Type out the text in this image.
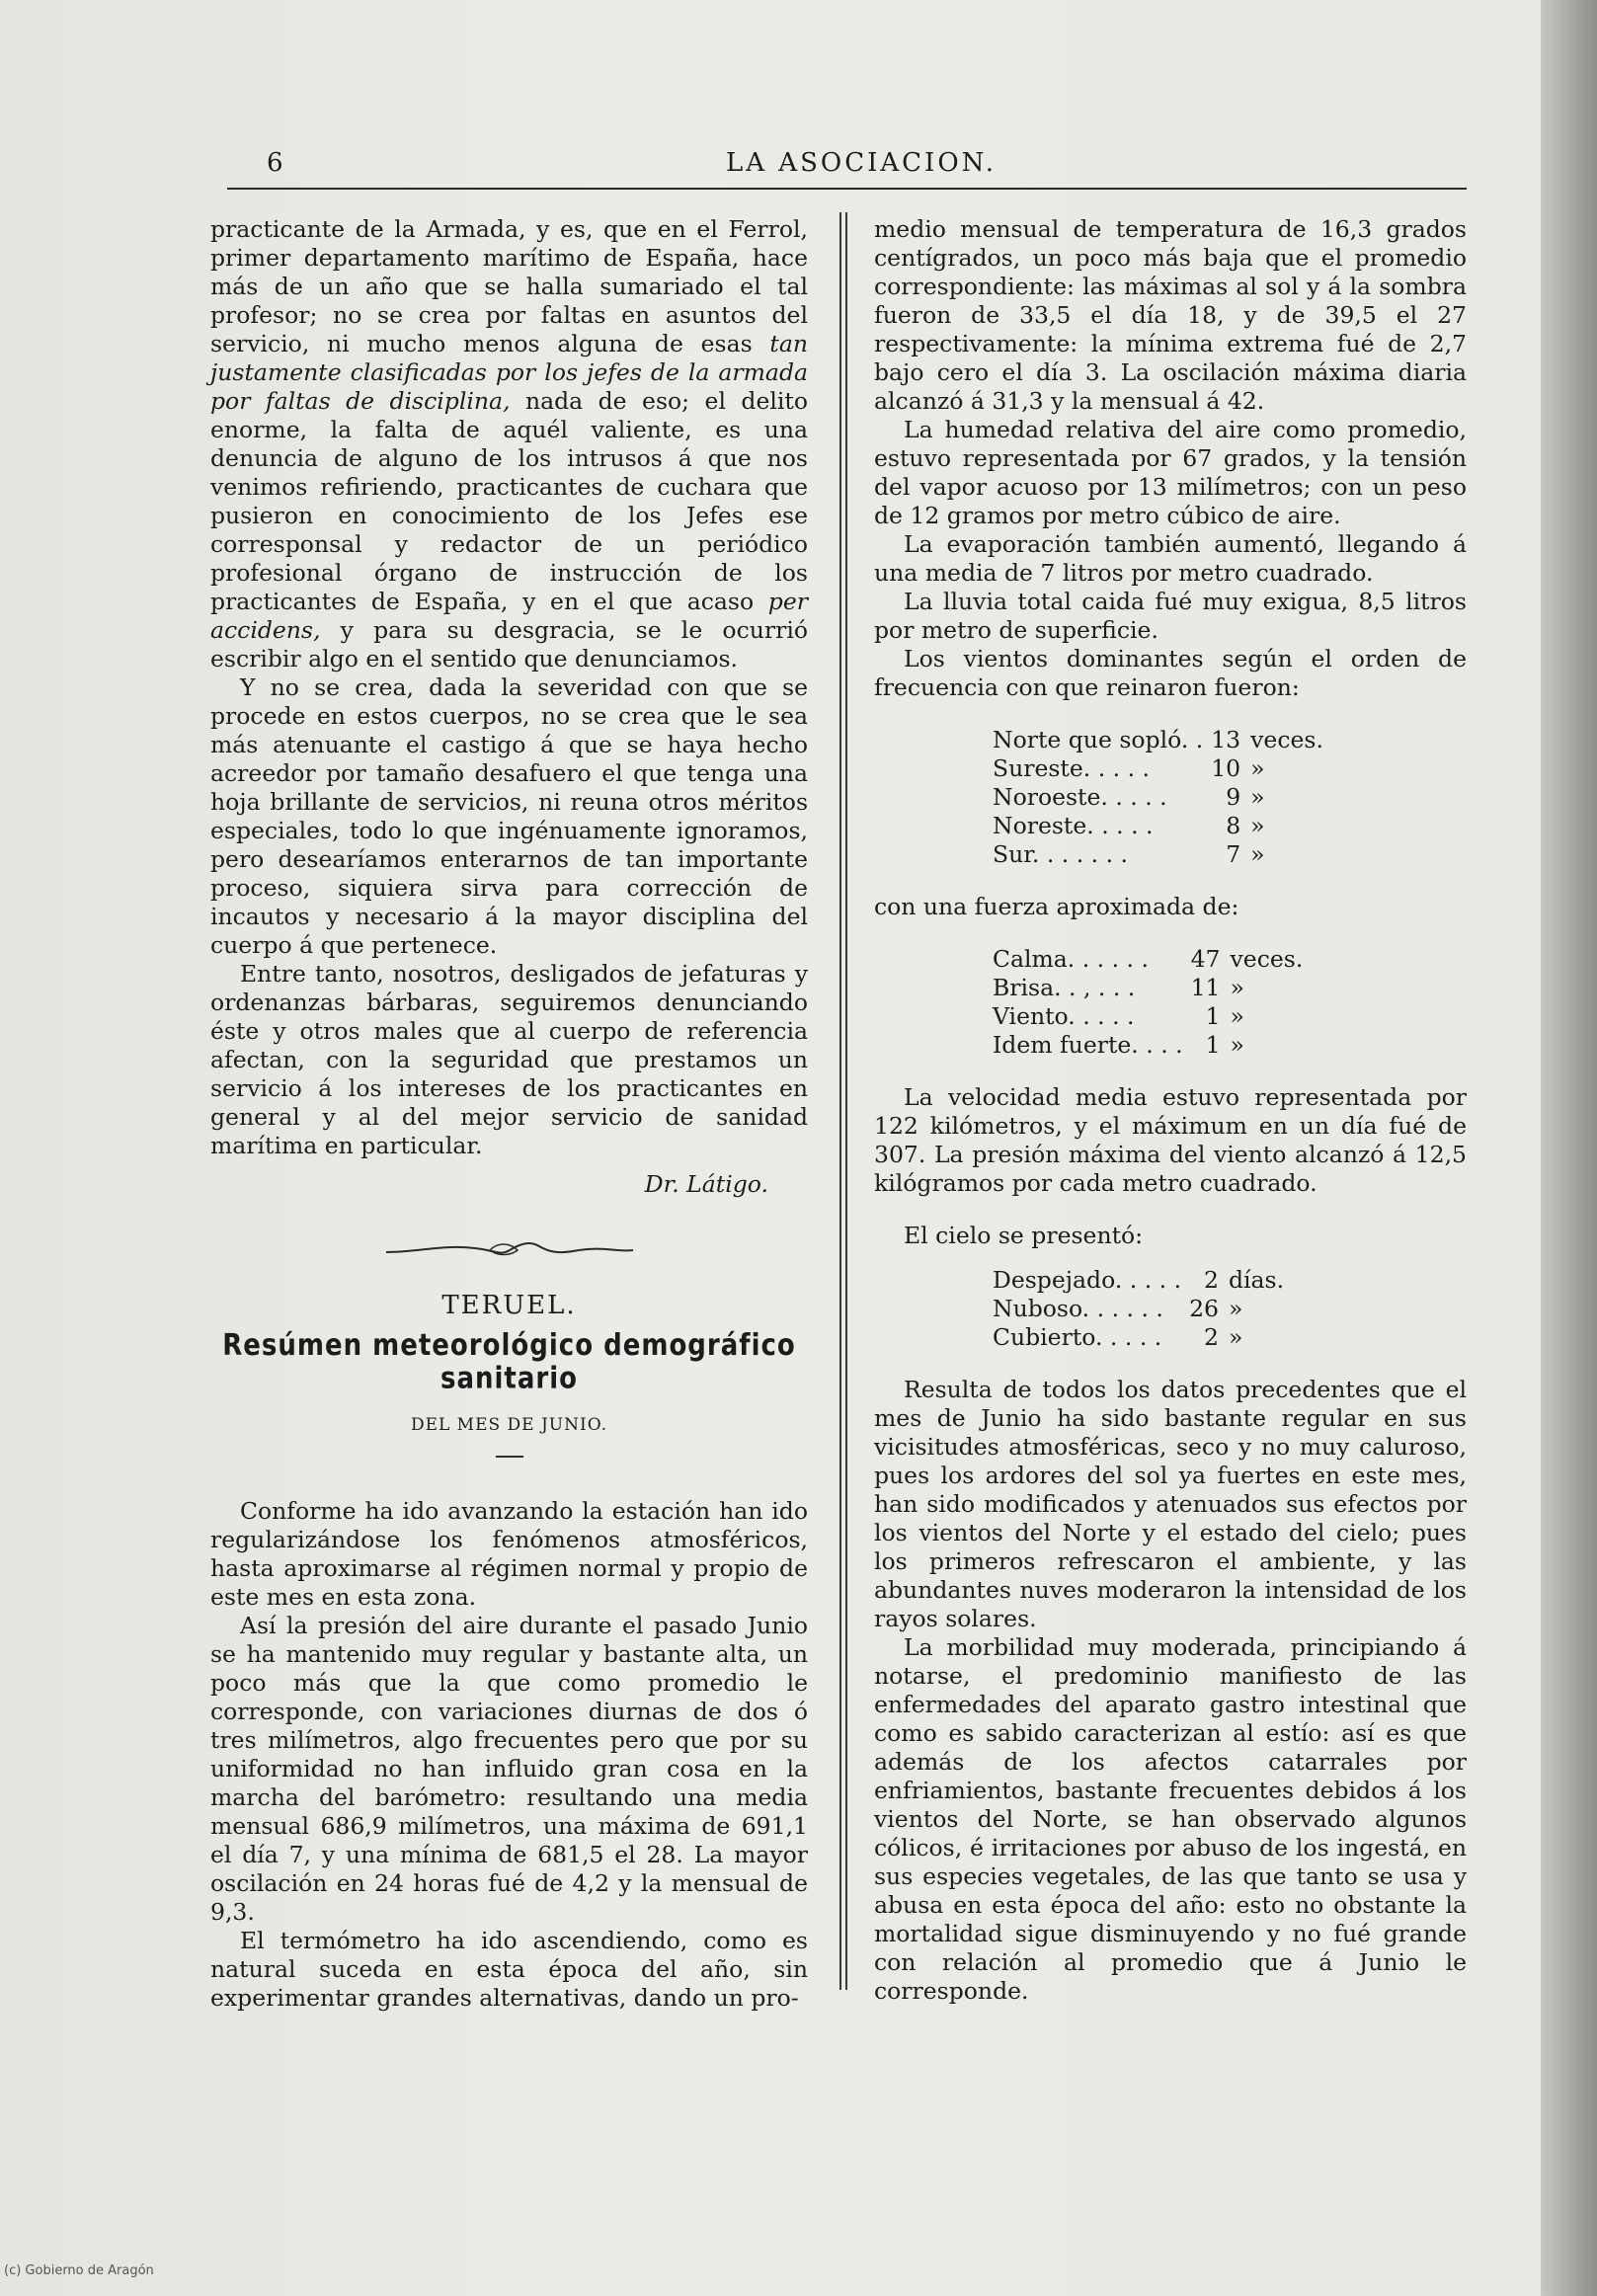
6	LA ASOCIACION.

practicante de la Armada, y es, que en el Ferrol, primer departamento marítimo de España, hace más de un año que se halla sumariado el tal profesor; no se crea por faltas en asuntos del servicio, ni mucho menos alguna de esas tan justamente clasificadas por los jefes de la armada por faltas de disciplina, nada de eso; el delito enorme, la falta de aquél valiente, es una denuncia de alguno de los intrusos á que nos venimos refiriendo, practicantes de cuchara que pusieron en conocimiento de los Jefes ese corresponsal y redactor de un periódico profesional órgano de instrucción de los practicantes de España, y en el que acaso per accidens, y para su desgracia, se le ocurrió escribir algo en el sentido que denunciamos.

Y no se crea, dada la severidad con que se procede en estos cuerpos, no se crea que le sea más atenuante el castigo á que se haya hecho acreedor por tamaño desafuero el que tenga una hoja brillante de servicios, ni reuna otros méritos especiales, todo lo que ingénuamente ignoramos, pero desearíamos enterarnos de tan importante proceso, siquiera sirva para corrección de incautos y necesario á la mayor disciplina del cuerpo á que pertenece.

Entre tanto, nosotros, desligados de jefaturas y ordenanzas bárbaras, seguiremos denunciando éste y otros males que al cuerpo de referencia afectan, con la seguridad que prestamos un servicio á los intereses de los practicantes en general y al del mejor servicio de sanidad marítima en particular.

Dr. Látigo.

TERUEL.

Resúmen meteorológico demográfico sanitario

DEL MES DE JUNIO.

Conforme ha ido avanzando la estación han ido regularizándose los fenómenos atmosféricos, hasta aproximarse al régimen normal y propio de este mes en esta zona.

Así la presión del aire durante el pasado Junio se ha mantenido muy regular y bastante alta, un poco más que la que como promedio le corresponde, con variaciones diurnas de dos ó tres milímetros, algo frecuentes pero que por su uniformidad no han influido gran cosa en la marcha del barómetro: resultando una media mensual 686,9 milímetros, una máxima de 691,1 el día 7, y una mínima de 681,5 el 28. La mayor oscilación en 24 horas fué de 4,2 y la mensual de 9,3.

El termómetro ha ido ascendiendo, como es natural suceda en esta época del año, sin experimentar grandes alternativas, dando un pro-

medio mensual de temperatura de 16,3 grados centígrados, un poco más baja que el promedio correspondiente: las máximas al sol y á la sombra fueron de 33,5 el día 18, y de 39,5 el 27 respectivamente: la mínima extrema fué de 2,7 bajo cero el día 3. La oscilación máxima diaria alcanzó á 31,3 y la mensual á 42.

La humedad relativa del aire como promedio, estuvo representada por 67 grados, y la tensión del vapor acuoso por 13 milímetros; con un peso de 12 gramos por metro cúbico de aire.

La evaporación también aumentó, llegando á una media de 7 litros por metro cuadrado.

La lluvia total caida fué muy exigua, 8,5 litros por metro de superficie.

Los vientos dominantes según el orden de frecuencia con que reinaron fueron:

Norte que sopló. .	13	veces.
Sureste. . . . .	10	»
Noroeste. . . . .	9	»
Noreste. . . . .	8	»
Sur. . . . . . .	7	»

con una fuerza aproximada de:

Calma. . . . . .	47	veces.
Brisa. . , . . .	11	»
Viento. . . . .	1	»
Idem fuerte. . . .	1	»

La velocidad media estuvo representada por 122 kilómetros, y el máximum en un día fué de 307. La presión máxima del viento alcanzó á 12,5 kilógramos por cada metro cuadrado.

El cielo se presentó:

Despejado. . . . .	2	días.
Nuboso. . . . . .	26	»
Cubierto. . . . .	2	»

Resulta de todos los datos precedentes que el mes de Junio ha sido bastante regular en sus vicisitudes atmosféricas, seco y no muy caluroso, pues los ardores del sol ya fuertes en este mes, han sido modificados y atenuados sus efectos por los vientos del Norte y el estado del cielo; pues los primeros refrescaron el ambiente, y las abundantes nuves moderaron la intensidad de los rayos solares.

La morbilidad muy moderada, principiando á notarse, el predominio manifiesto de las enfermedades del aparato gastro intestinal que como es sabido caracterizan al estío: así es que además de los afectos catarrales por enfriamientos, bastante frecuentes debidos á los vientos del Norte, se han observado algunos cólicos, é irritaciones por abuso de los ingestá, en sus especies vegetales, de las que tanto se usa y abusa en esta época del año: esto no obstante la mortalidad sigue disminuyendo y no fué grande con relación al promedio que á Junio le corresponde.

(c) Gobierno de Aragón
